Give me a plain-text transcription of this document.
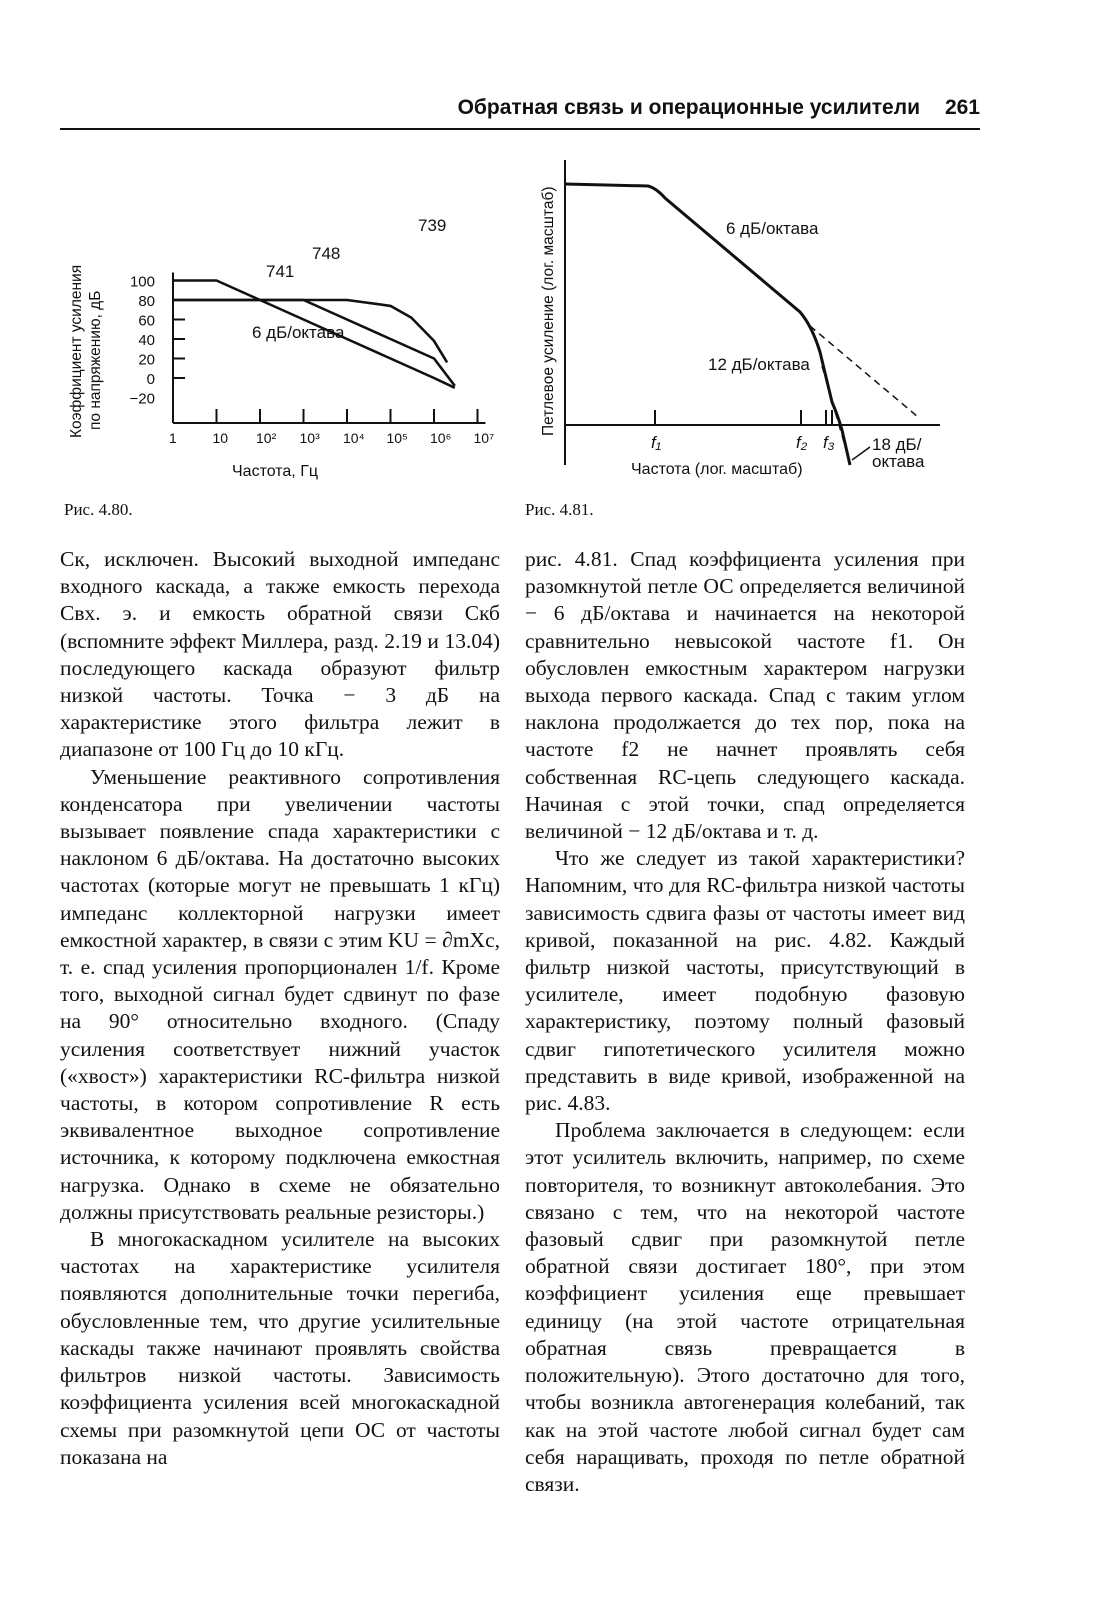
Обратная связь и операционные усилители 261
Коэффициент усиления по напряжению, дБ
100
80
60
40
20
0
−20
1	10 10² 10³ 10⁴ 10⁵ 10⁶ 10⁷
739
748
741
6 дБ/октава
Частота, Гц
Рис. 4.80.
Петлевое усиление (лог. масштаб)	6 дБ/октава
12 дБ/октава
18 дБ/
октава
f₁	f₂ f₃
Частота (лог. масштаб)
Рис. 4.81.

Cк, исключен. Высокий выходной импеданс входного каскада, а также емкость перехода Cвх. э. и емкость обратной связи Cкб (вспомните эффект Миллера, разд. 2.19 и 13.04) последующего каскада образуют фильтр низкой частоты. Точка − 3 дБ на характеристике этого фильтра лежит в диапазоне от 100 Гц до 10 кГц.

Уменьшение реактивного сопротивления конденсатора при увеличении частоты вызывает появление спада характеристики с наклоном 6 дБ/октава. На достаточно высоких частотах (которые могут не превышать 1 кГц) импеданс коллекторной нагрузки имеет емкостной характер, в связи с этим KU = ∂mXc, т. е. спад усиления пропорционален 1/f. Кроме того, выходной сигнал будет сдвинут по фазе на 90° относительно входного. (Спаду усиления соответствует нижний участок («хвост») характеристики RC-фильтра низкой частоты, в котором сопротивление R есть эквивалентное выходное сопротивление источника, к которому подключена емкостная нагрузка. Однако в схеме не обязательно должны присутствовать реальные резисторы.)

В многокаскадном усилителе на высоких частотах на характеристике усилителя появляются дополнительные точки перегиба, обусловленные тем, что другие усилительные каскады также начинают проявлять свойства фильтров низкой частоты. Зависимость коэффициента усиления всей многокаскадной схемы при разомкнутой цепи ОС от частоты показана на

рис. 4.81. Спад коэффициента усиления при разомкнутой петле ОС определяется величиной − 6 дБ/октава и начинается на некоторой сравнительно невысокой частоте f1. Он обусловлен емкостным характером нагрузки выхода первого каскада. Спад с таким углом наклона продолжается до тех пор, пока на частоте f2 не начнет проявлять себя собственная RC-цепь следующего каскада. Начиная с этой точки, спад определяется величиной − 12 дБ/октава и т. д.

Что же следует из такой характеристики? Напомним, что для RC-фильтра низкой частоты зависимость сдвига фазы от частоты имеет вид кривой, показанной на рис. 4.82. Каждый фильтр низкой частоты, присутствующий в усилителе, имеет подобную фазовую характеристику, поэтому полный фазовый сдвиг гипотетического усилителя можно представить в виде кривой, изображенной на рис. 4.83.

Проблема заключается в следующем: если этот усилитель включить, например, по схеме повторителя, то возникнут автоколебания. Это связано с тем, что на некоторой частоте фазовый сдвиг при разомкнутой петле обратной связи достигает 180°, при этом коэффициент усиления еще превышает единицу (на этой частоте отрицательная обратная связь превращается в положительную). Этого достаточно для того, чтобы возникла автогенерация колебаний, так как на этой частоте любой сигнал будет сам себя наращивать, проходя по петле обратной связи.
